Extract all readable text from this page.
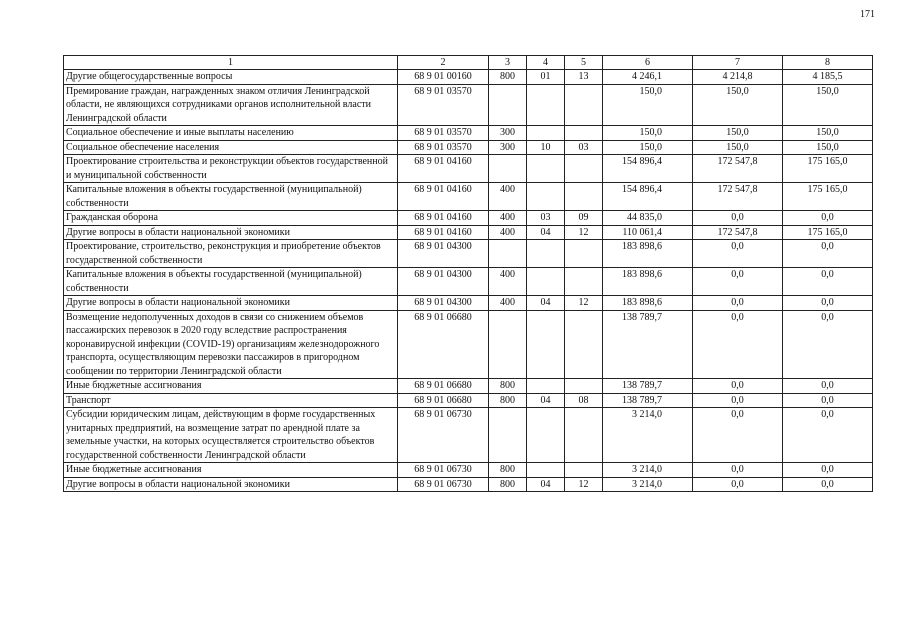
171
1	2	3	4	5	6	7	8
Другие общегосударственные вопросы	68 9 01 00160	800	01	13	4 246,1	4 214,8	4 185,5
Премирование граждан, награжденных знаком отличия Ленинградской области, не являющихся сотрудниками органов исполнительной власти Ленинградской области	68 9 01 03570				150,0	150,0	150,0
Социальное обеспечение и иные выплаты населению	68 9 01 03570	300			150,0	150,0	150,0
Социальное обеспечение населения	68 9 01 03570	300	10	03	150,0	150,0	150,0
Проектирование строительства и реконструкции объектов государственной и муниципальной собственности	68 9 01 04160				154 896,4	172 547,8	175 165,0
Капитальные вложения в объекты государственной (муниципальной) собственности	68 9 01 04160	400			154 896,4	172 547,8	175 165,0
Гражданская оборона	68 9 01 04160	400	03	09	44 835,0	0,0	0,0
Другие вопросы в области национальной экономики	68 9 01 04160	400	04	12	110 061,4	172 547,8	175 165,0
Проектирование, строительство, реконструкция и приобретение объектов государственной собственности	68 9 01 04300				183 898,6	0,0	0,0
Капитальные вложения в объекты государственной (муниципальной) собственности	68 9 01 04300	400			183 898,6	0,0	0,0
Другие вопросы в области национальной экономики	68 9 01 04300	400	04	12	183 898,6	0,0	0,0
Возмещение недополученных доходов в связи со снижением объемов пассажирских перевозок в 2020 году вследствие распространения коронавирусной инфекции (COVID-19) организациям железнодорожного транспорта, осуществляющим перевозки пассажиров в пригородном сообщении по территории Ленинградской области	68 9 01 06680				138 789,7	0,0	0,0
Иные бюджетные ассигнования	68 9 01 06680	800			138 789,7	0,0	0,0
Транспорт	68 9 01 06680	800	04	08	138 789,7	0,0	0,0
Субсидии юридическим лицам, действующим в форме государственных унитарных предприятий, на возмещение затрат по арендной плате за земельные участки, на которых осуществляется строительство объектов государственной собственности Ленинградской области	68 9 01 06730				3 214,0	0,0	0,0
Иные бюджетные ассигнования	68 9 01 06730	800			3 214,0	0,0	0,0
Другие вопросы в области национальной экономики	68 9 01 06730	800	04	12	3 214,0	0,0	0,0
